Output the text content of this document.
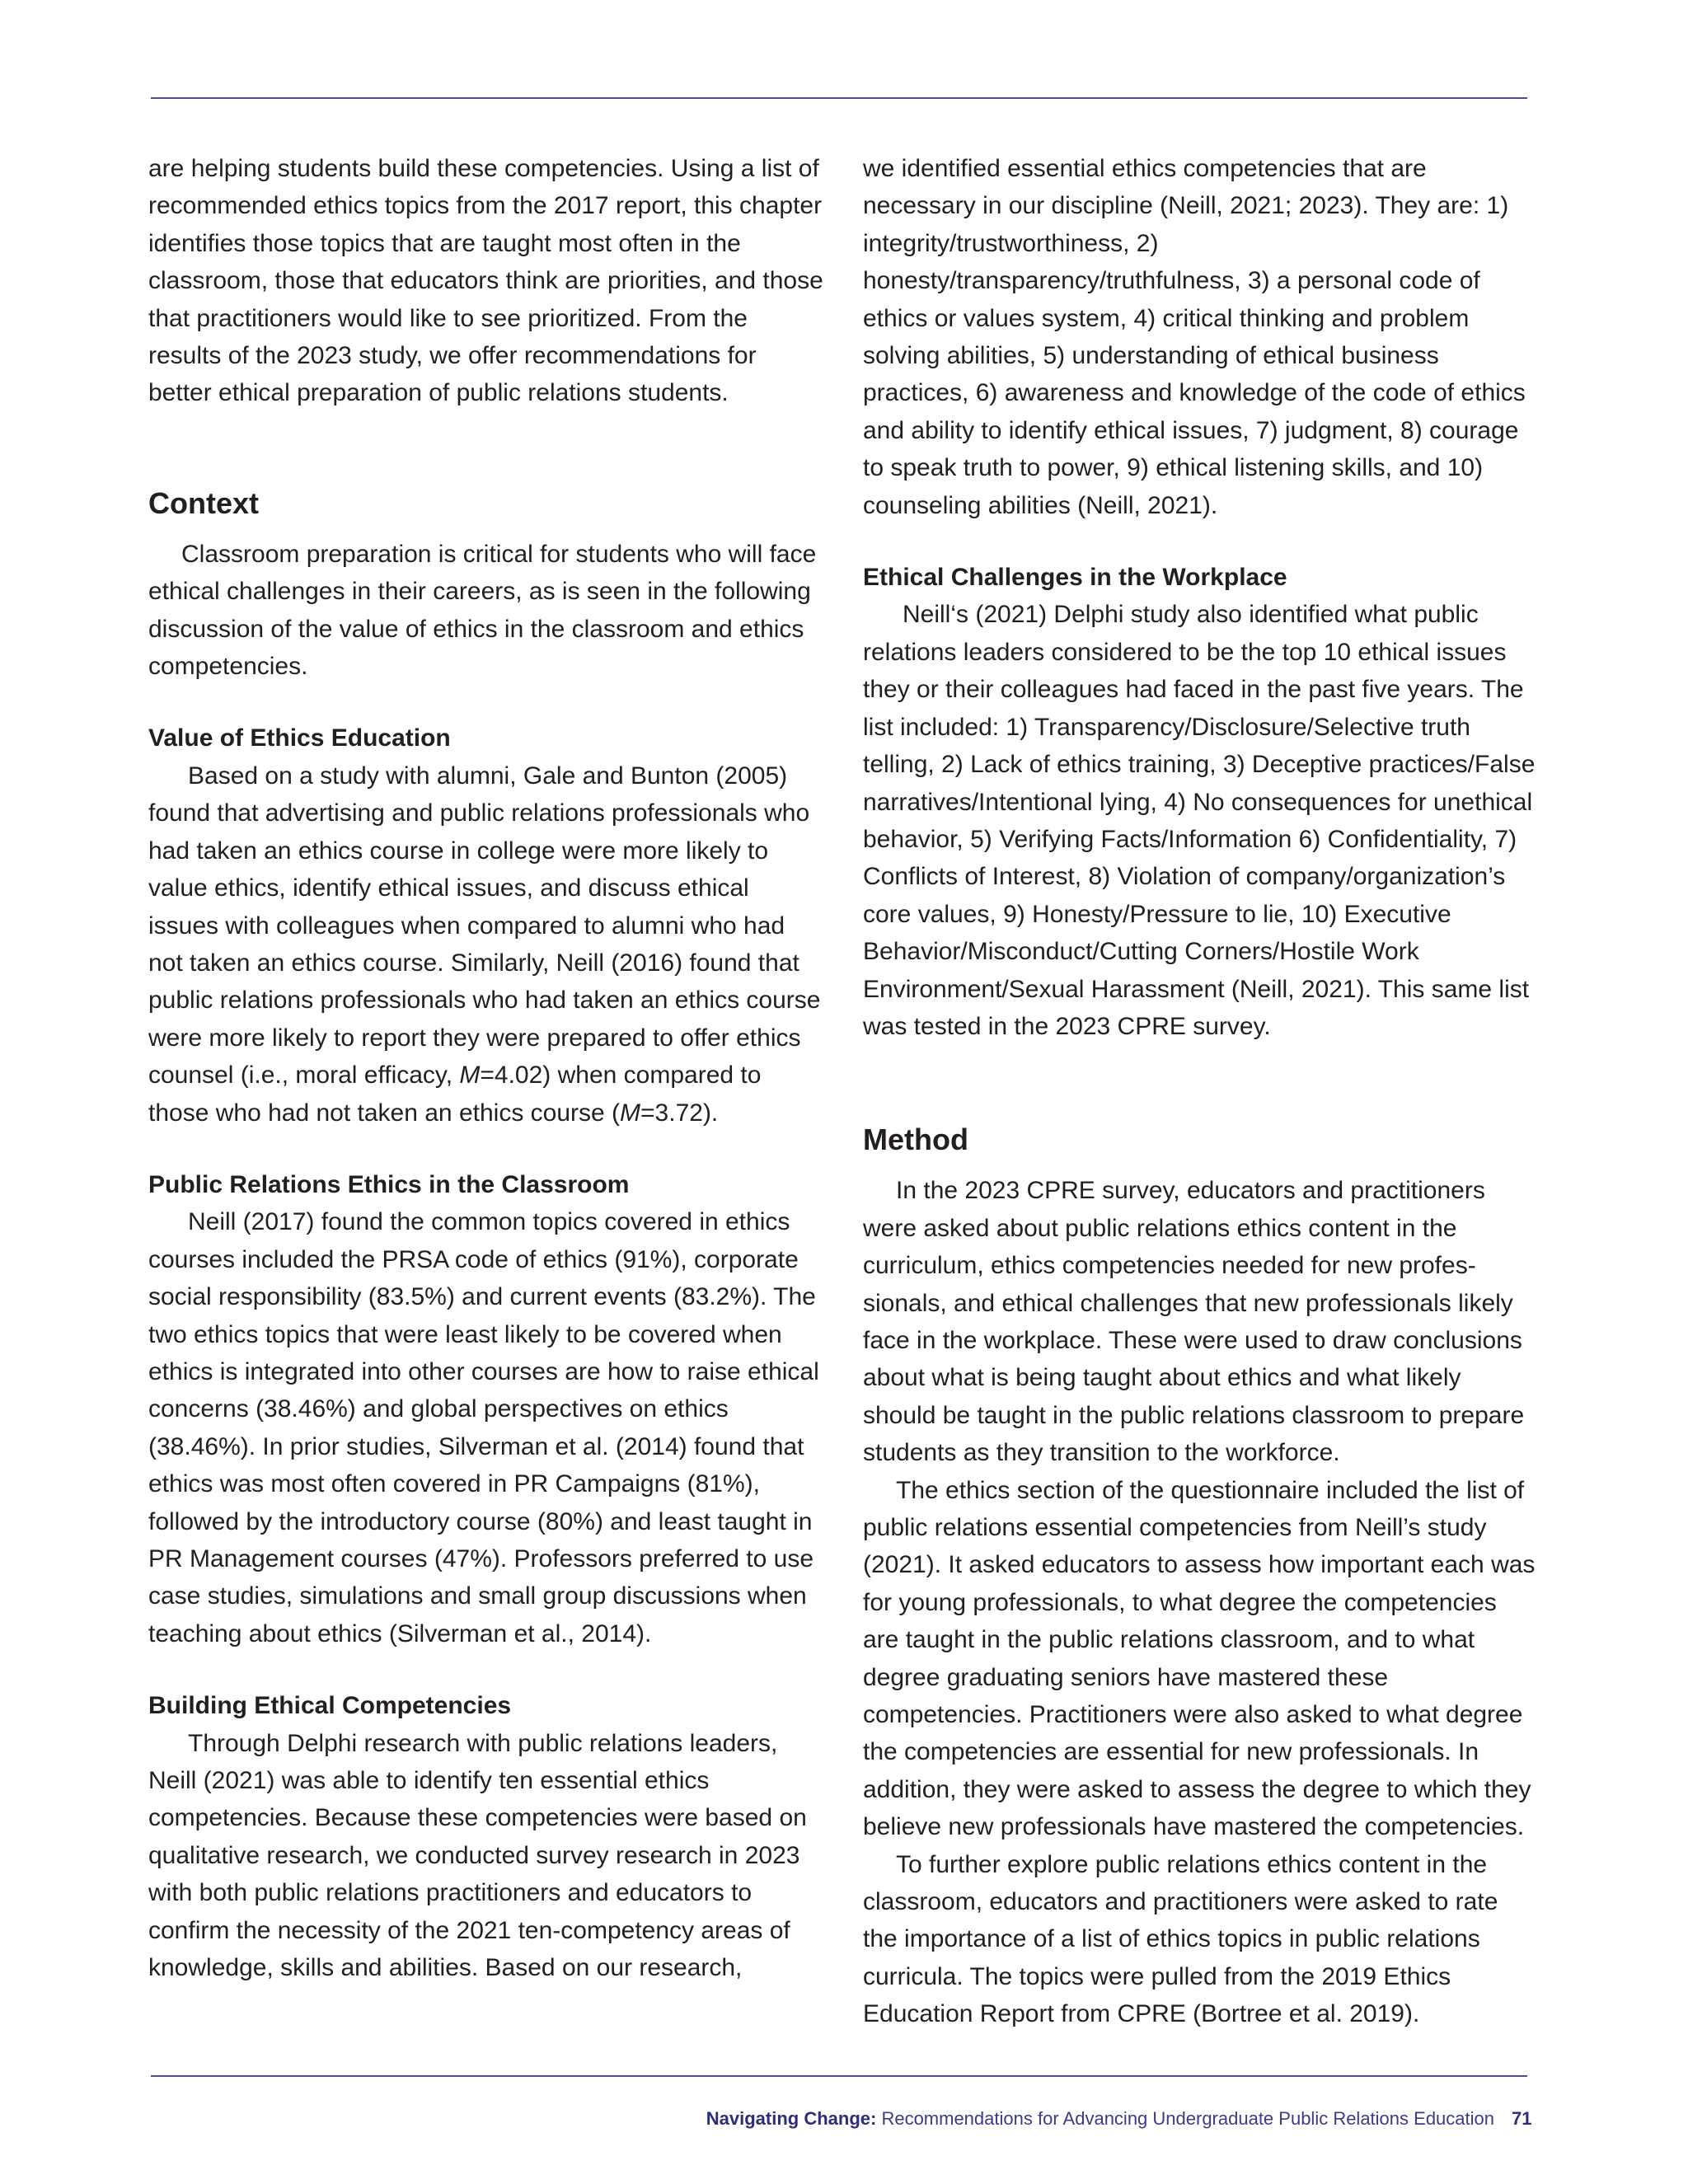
are helping students build these competencies. Using a list of recommended ethics topics from the 2017 report, this chapter identifies those topics that are taught most often in the classroom, those that educators think are priorities, and those that practitioners would like to see prioritized. From the results of the 2023 study, we offer recommendations for better ethical preparation of public relations students.

Context

Classroom preparation is critical for students who will face ethical challenges in their careers, as is seen in the following discussion of the value of ethics in the classroom and ethics competencies.

Value of Ethics Education

Based on a study with alumni, Gale and Bunton (2005) found that advertising and public relations professionals who had taken an ethics course in college were more likely to value ethics, identify ethical issues, and discuss ethical issues with colleagues when compared to alumni who had not taken an ethics course. Similarly, Neill (2016) found that public relations professionals who had taken an ethics course were more likely to report they were prepared to offer ethics counsel (i.e., moral efficacy, M=4.02) when compared to those who had not taken an ethics course (M=3.72).

Public Relations Ethics in the Classroom

Neill (2017) found the common topics covered in ethics courses included the PRSA code of ethics (91%), corporate social responsibility (83.5%) and current events (83.2%). The two ethics topics that were least likely to be covered when ethics is integrated into other courses are how to raise ethical concerns (38.46%) and global perspectives on ethics (38.46%). In prior studies, Silverman et al. (2014) found that ethics was most often covered in PR Campaigns (81%), followed by the introductory course (80%) and least taught in PR Management courses (47%). Professors preferred to use case studies, simulations and small group discussions when teaching about ethics (Silverman et al., 2014).

Building Ethical Competencies

Through Delphi research with public relations leaders, Neill (2021) was able to identify ten essential ethics competencies. Because these competencies were based on qualitative research, we conducted survey research in 2023 with both public relations practitioners and educators to confirm the necessity of the 2021 ten-competency areas of knowledge, skills and abilities. Based on our research,

we identified essential ethics competencies that are necessary in our discipline (Neill, 2021; 2023). They are: 1) integrity/trustworthiness, 2) honesty/transparency/truthfulness, 3) a personal code of ethics or values system, 4) critical thinking and problem solving abilities, 5) understanding of ethical business practices, 6) awareness and knowledge of the code of ethics and ability to identify ethical issues, 7) judgment, 8) courage to speak truth to power, 9) ethical listening skills, and 10) counseling abilities (Neill, 2021).

Ethical Challenges in the Workplace

Neill‘s (2021) Delphi study also identified what public relations leaders considered to be the top 10 ethical issues they or their colleagues had faced in the past five years. The list included: 1) Transparency/Disclosure/Selective truth telling, 2) Lack of ethics training, 3) Deceptive practices/False narratives/Intentional lying, 4) No consequences for unethical behavior, 5) Verifying Facts/Information 6) Confidentiality, 7) Conflicts of Interest, 8) Violation of company/organization’s core values, 9) Honesty/Pressure to lie, 10) Executive Behavior/Misconduct/Cutting Corners/Hostile Work Environment/Sexual Harassment (Neill, 2021). This same list was tested in the 2023 CPRE survey.

Method

In the 2023 CPRE survey, educators and practitioners were asked about public relations ethics content in the curriculum, ethics competencies needed for new profes-sionals, and ethical challenges that new professionals likely face in the workplace. These were used to draw conclusions about what is being taught about ethics and what likely should be taught in the public relations classroom to prepare students as they transition to the workforce.

The ethics section of the questionnaire included the list of public relations essential competencies from Neill’s study (2021). It asked educators to assess how important each was for young professionals, to what degree the competencies are taught in the public relations classroom, and to what degree graduating seniors have mastered these competencies. Practitioners were also asked to what degree the competencies are essential for new professionals. In addition, they were asked to assess the degree to which they believe new professionals have mastered the competencies.

To further explore public relations ethics content in the classroom, educators and practitioners were asked to rate the importance of a list of ethics topics in public relations curricula. The topics were pulled from the 2019 Ethics Education Report from CPRE (Bortree et al. 2019).

Navigating Change: Recommendations for Advancing Undergraduate Public Relations Education 71
